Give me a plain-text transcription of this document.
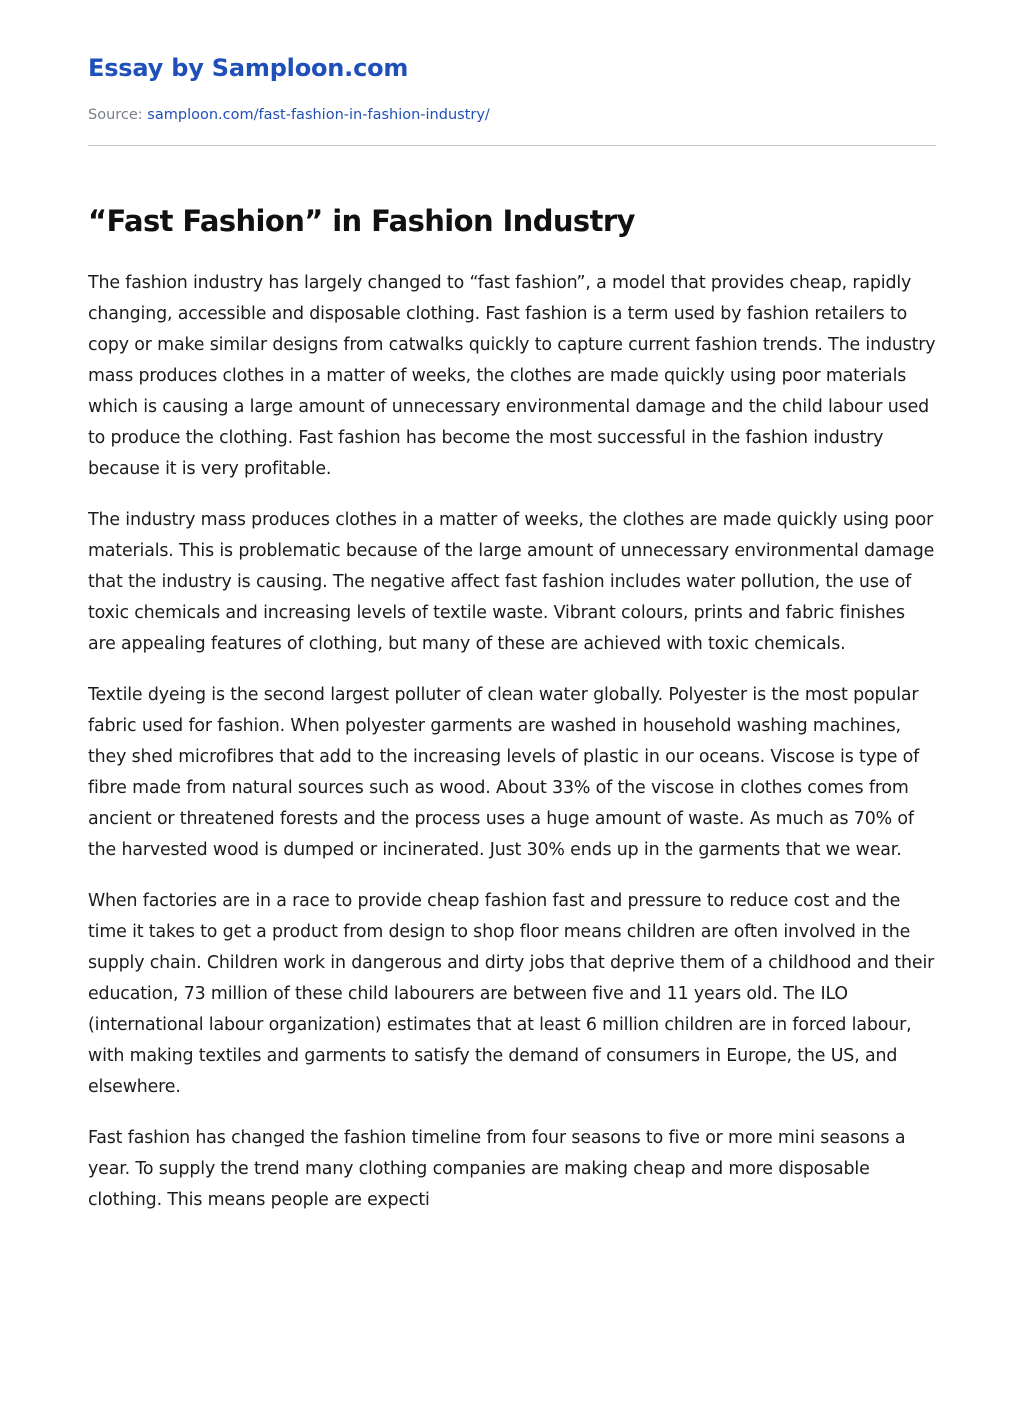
Essay by Samploon.com
Source: samploon.com/fast-fashion-in-fashion-industry/
“Fast Fashion” in Fashion Industry

The fashion industry has largely changed to “fast fashion”, a model that provides cheap, rapidly changing, accessible and disposable clothing. Fast fashion is a term used by fashion retailers to copy or make similar designs from catwalks quickly to capture current fashion trends. The industry mass produces clothes in a matter of weeks, the clothes are made quickly using poor materials which is causing a large amount of unnecessary environmental damage and the child labour used to produce the clothing. Fast fashion has become the most successful in the fashion industry because it is very profitable.

The industry mass produces clothes in a matter of weeks, the clothes are made quickly using poor materials. This is problematic because of the large amount of unnecessary environmental damage that the industry is causing. The negative affect fast fashion includes water pollution, the use of toxic chemicals and increasing levels of textile waste. Vibrant colours, prints and fabric finishes are appealing features of clothing, but many of these are achieved with toxic chemicals.

Textile dyeing is the second largest polluter of clean water globally. Polyester is the most popular fabric used for fashion. When polyester garments are washed in household washing machines, they shed microfibres that add to the increasing levels of plastic in our oceans. Viscose is type of fibre made from natural sources such as wood. About 33% of the viscose in clothes comes from ancient or threatened forests and the process uses a huge amount of waste. As much as 70% of the harvested wood is dumped or incinerated. Just 30% ends up in the garments that we wear.

When factories are in a race to provide cheap fashion fast and pressure to reduce cost and the time it takes to get a product from design to shop floor means children are often involved in the supply chain. Children work in dangerous and dirty jobs that deprive them of a childhood and their education, 73 million of these child labourers are between five and 11 years old. The ILO (international labour organization) estimates that at least 6 million children are in forced labour, with making textiles and garments to satisfy the demand of consumers in Europe, the US, and elsewhere.

Fast fashion has changed the fashion timeline from four seasons to five or more mini seasons a year. To supply the trend many clothing companies are making cheap and more disposable clothing. This means people are expecti
